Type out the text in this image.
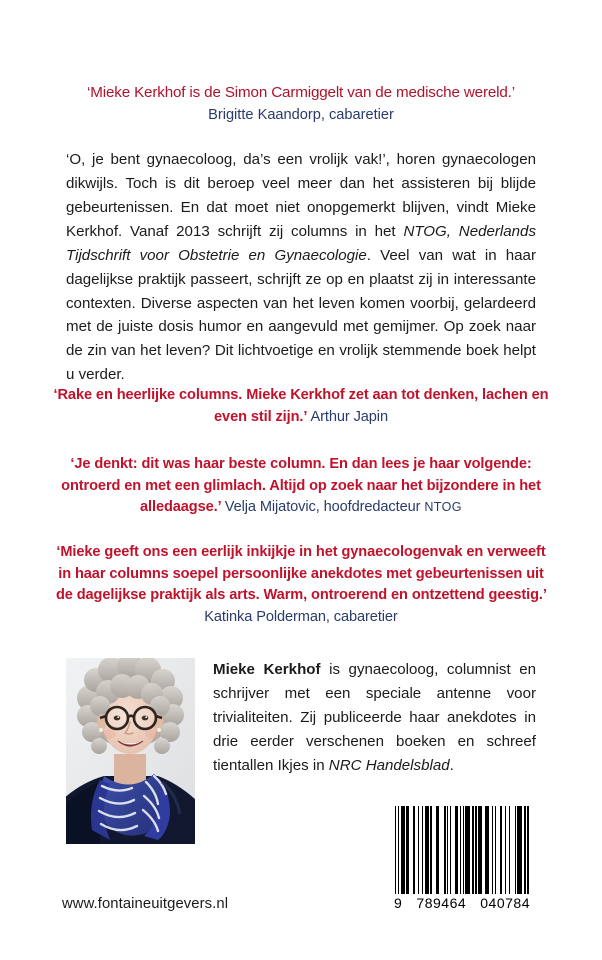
‘Mieke Kerkhof is de Simon Carmiggelt van de medische wereld.’
Brigitte Kaandorp, cabaretier

‘O, je bent gynaecoloog, da’s een vrolijk vak!’, horen gynaecologen dikwijls. Toch is dit beroep veel meer dan het assisteren bij blijde gebeurtenissen. En dat moet niet onopgemerkt blijven, vindt Mieke Kerkhof. Vanaf 2013 schrijft zij columns in het NTOG, Nederlands Tijdschrift voor Obstetrie en Gynaecologie. Veel van wat in haar dagelijkse praktijk passeert, schrijft ze op en plaatst zij in interessante contexten. Diverse aspecten van het leven komen voorbij, gelardeerd met de juiste dosis humor en aangevuld met gemijmer. Op zoek naar de zin van het leven? Dit lichtvoetige en vrolijk stemmende boek helpt u verder.

‘Rake en heerlijke columns. Mieke Kerkhof zet aan tot denken, lachen en even stil zijn.’ Arthur Japin
‘Je denkt: dit was haar beste column. En dan lees je haar volgende: ontroerd en met een glimlach. Altijd op zoek naar het bijzondere in het alledaagse.’ Velja Mijatovic, hoofdredacteur NTOG
‘Mieke geeft ons een eerlijk inkijkje in het gynaecologenvak en verweeft in haar columns soepel persoonlijke anekdotes met gebeurtenissen uit de dagelijkse praktijk als arts. Warm, ontroerend en ontzettend geestig.’ Katinka Polderman, cabaretier

Mieke Kerkhof is gynaecoloog, columnist en schrijver met een speciale antenne voor trivialiteiten. Zij publiceerde haar anekdotes in drie eerder verschenen boeken en schreef tientallen Ikjes in NRC Handelsblad.

www.fontaineuitgevers.nl	9 789464 040784
